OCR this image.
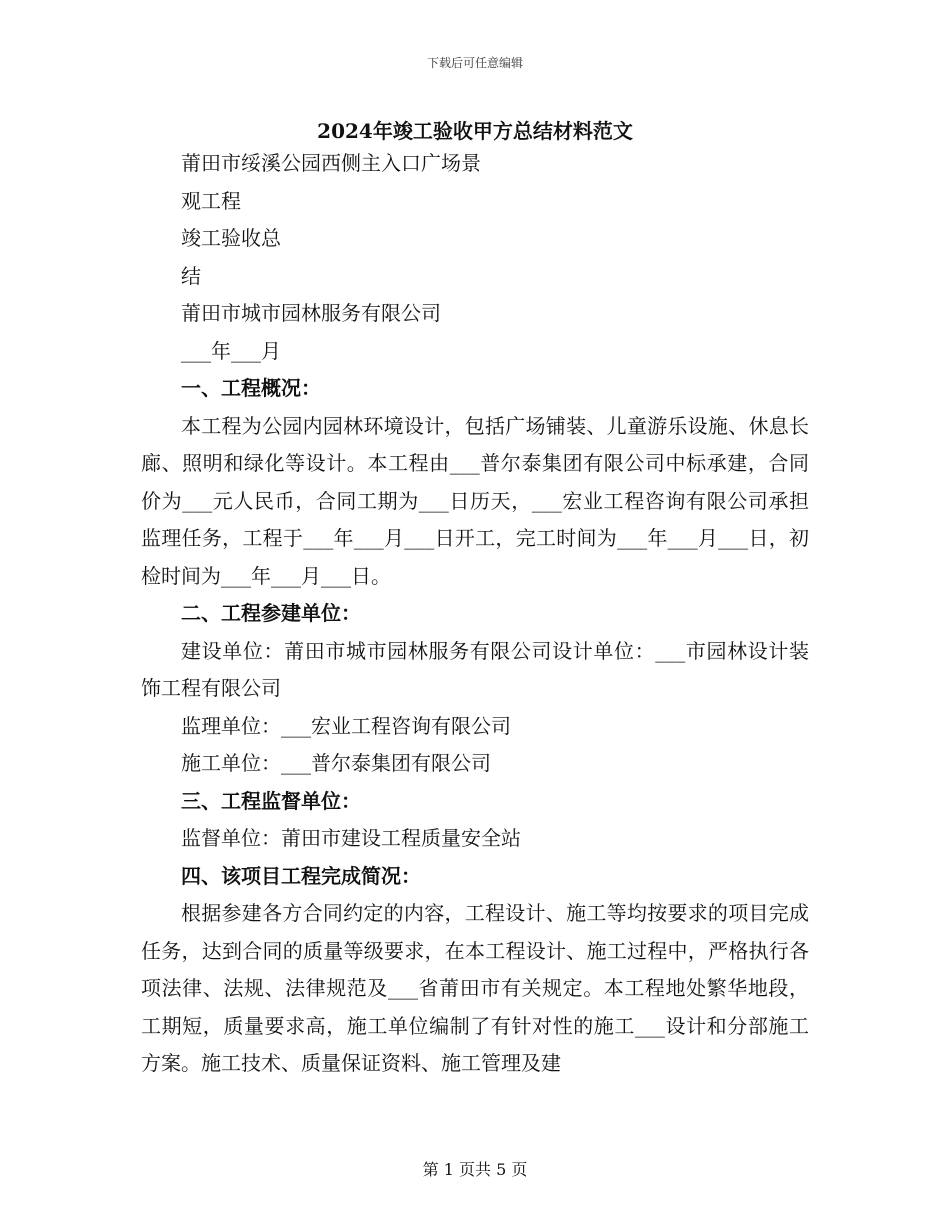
下载后可任意编辑
2024年竣工验收甲方总结材料范文

莆田市绥溪公园西侧主入口广场景

观工程

竣工验收总

结

莆田市城市园林服务有限公司

___年___月

一、工程概况：

本工程为公园内园林环境设计，包括广场铺装、儿童游乐设施、休息长廊、照明和绿化等设计。本工程由___普尔泰集团有限公司中标承建，合同价为___元人民币，合同工期为___日历天，___宏业工程咨询有限公司承担监理任务，工程于___年___月___日开工，完工时间为___年___月___日，初检时间为___年___月___日。

二、工程参建单位：

建设单位：莆田市城市园林服务有限公司设计单位：___市园林设计装饰工程有限公司

监理单位：___宏业工程咨询有限公司

施工单位：___普尔泰集团有限公司

三、工程监督单位：

监督单位：莆田市建设工程质量安全站

四、该项目工程完成简况：

根据参建各方合同约定的内容，工程设计、施工等均按要求的项目完成任务，达到合同的质量等级要求，在本工程设计、施工过程中，严格执行各项法律、法规、法律规范及___省莆田市有关规定。本工程地处繁华地段，工期短，质量要求高，施工单位编制了有针对性的施工___设计和分部施工方案。施工技术、质量保证资料、施工管理及建

第 1 页共 5 页
